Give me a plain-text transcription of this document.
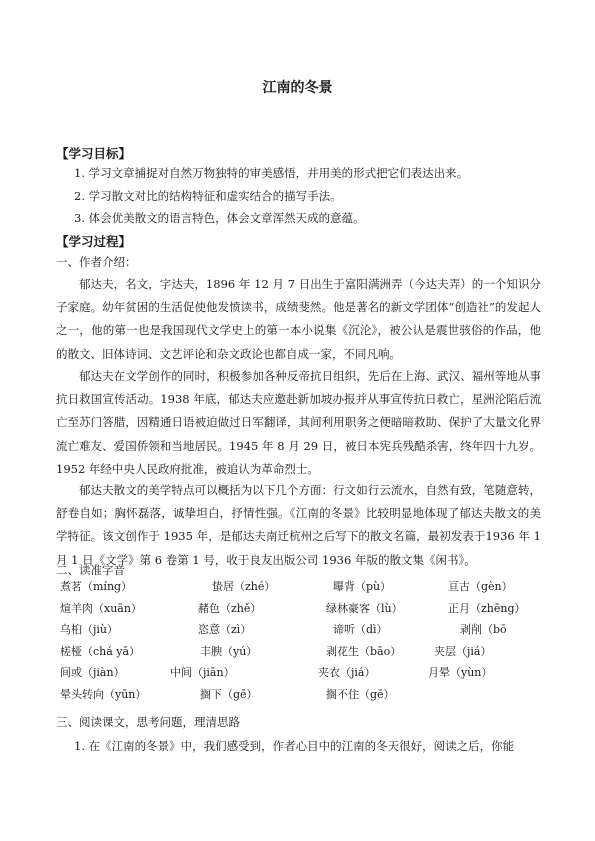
江南的冬景
【学习目标】
1. 学习文章捕捉对自然万物独特的审美感悟，并用美的形式把它们表达出来。
2. 学习散文对比的结构特征和虚实结合的描写手法。
3. 体会优美散文的语言特色，体会文章浑然天成的意蕴。
【学习过程】
一、作者介绍：
郁达夫，名文，字达夫，1896 年 12 月 7 日出生于富阳满洲弄（今达夫弄）的一个知识分子家庭。幼年贫困的生活促使他发愤读书，成绩斐然。他是著名的新文学团体“创造社”的发起人之一，他的第一也是我国现代文学史上的第一本小说集《沉沦》，被公认是震世骇俗的作品，他的散文、旧体诗词、文艺评论和杂文政论也都自成一家，不同凡响。
郁达夫在文学创作的同时，积极参加各种反帝抗日组织，先后在上海、武汉、福州等地从事抗日救国宣传活动。1938 年底，郁达夫应邀赴新加坡办报并从事宣传抗日救亡，星洲沦陷后流亡至苏门答腊，因精通日语被迫做过日军翻译，其间利用职务之便暗暗救助、保护了大量文化界流亡难友、爱国侨领和当地居民。1945 年 8 月 29 日，被日本宪兵残酷杀害，终年四十九岁。1952 年经中央人民政府批准，被追认为革命烈士。
郁达夫散文的美学特点可以概括为以下几个方面：行文如行云流水，自然有致，笔随意转，舒卷自如；胸怀磊落，诚挚坦白，抒情性强。《江南的冬景》比较明显地体现了郁达夫散文的美学特征。该文创作于 1935 年，是郁达夫南迁杭州之后写下的散文名篇，最初发表于1936 年 1 月 1 日《文学》第 6 卷第 1 号，收于良友出版公司 1936 年版的散文集《闲书》。
二、读准字音
煮茗（míng）	蛰居（zhé）	曝背（pù）	亘古（gèn）
煊羊肉（xuān）	赭色（zhě）	绿林豪客（lù）	正月（zhēng）
乌桕（jiù）	恣意（zì）	谛听（dì）	剥削（bō
槎桠（chá yā）	丰腴（yú）	剥花生（bāo）	夹层（jiá）
间或（jiàn）	中间（jiān）	夹衣（jiá）	月晕（yùn）
晕头转向（yūn）	搁下（gē）	搁不住（gē）
三、阅读课文，思考问题，理清思路
1. 在《江南的冬景》中，我们感受到，作者心目中的江南的冬天很好，阅读之后，你能
